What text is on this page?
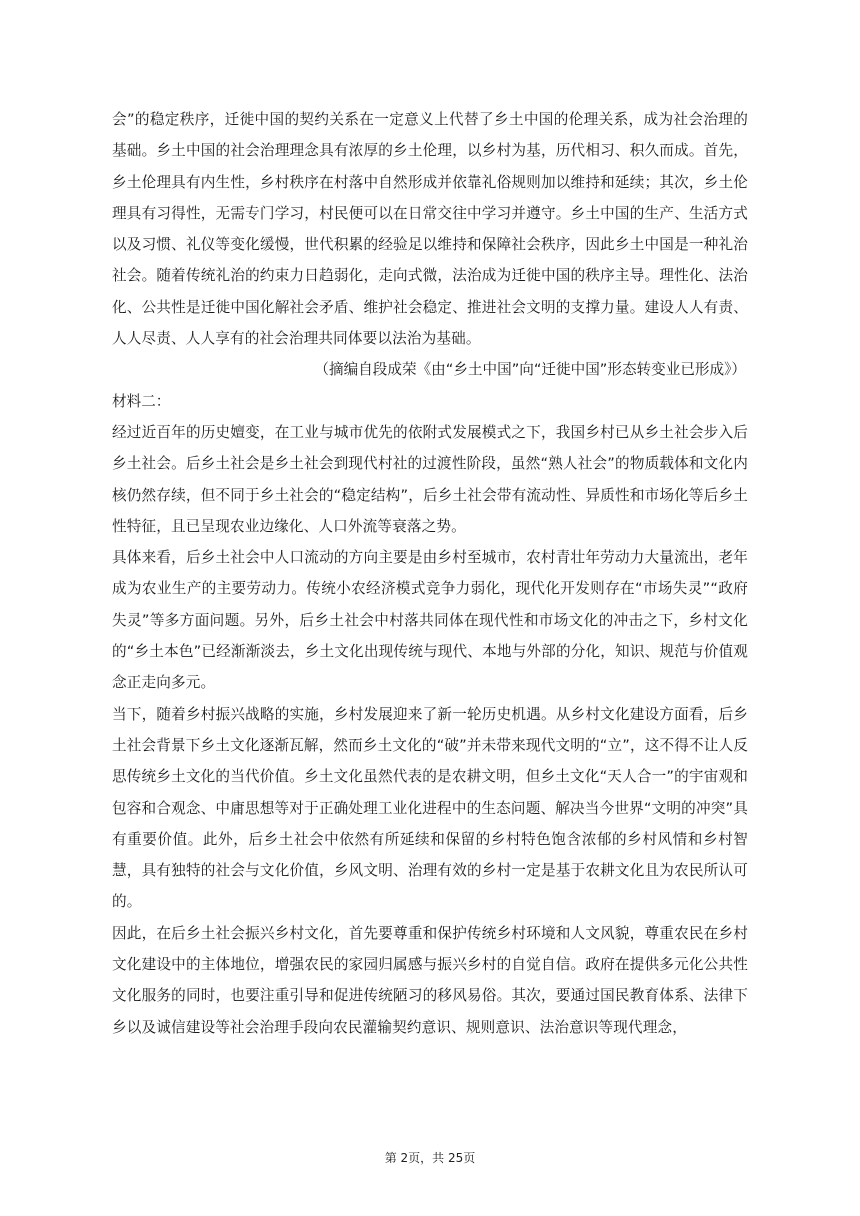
会”的稳定秩序，迁徙中国的契约关系在一定意义上代替了乡土中国的伦理关系，成为社会治理的基础。乡土中国的社会治理理念具有浓厚的乡土伦理，以乡村为基，历代相习、积久而成。首先，乡土伦理具有内生性，乡村秩序在村落中自然形成并依靠礼俗规则加以维持和延续；其次，乡土伦理具有习得性，无需专门学习，村民便可以在日常交往中学习并遵守。乡土中国的生产、生活方式以及习惯、礼仪等变化缓慢，世代积累的经验足以维持和保障社会秩序，因此乡土中国是一种礼治社会。随着传统礼治的约束力日趋弱化，走向式微，法治成为迁徙中国的秩序主导。理性化、法治化、公共性是迁徙中国化解社会矛盾、维护社会稳定、推进社会文明的支撑力量。建设人人有责、人人尽责、人人享有的社会治理共同体要以法治为基础。

（摘编自段成荣《由“乡土中国”向“迁徙中国”形态转变业已形成》）

材料二：

经过近百年的历史嬗变，在工业与城市优先的依附式发展模式之下，我国乡村已从乡土社会步入后乡土社会。后乡土社会是乡土社会到现代村社的过渡性阶段，虽然“熟人社会”的物质载体和文化内核仍然存续，但不同于乡土社会的“稳定结构”，后乡土社会带有流动性、异质性和市场化等后乡土性特征，且已呈现农业边缘化、人口外流等衰落之势。

具体来看，后乡土社会中人口流动的方向主要是由乡村至城市，农村青壮年劳动力大量流出，老年成为农业生产的主要劳动力。传统小农经济模式竞争力弱化，现代化开发则存在“市场失灵”“政府失灵”等多方面问题。另外，后乡土社会中村落共同体在现代性和市场文化的冲击之下，乡村文化的“乡土本色”已经渐渐淡去，乡土文化出现传统与现代、本地与外部的分化，知识、规范与价值观念正走向多元。

当下，随着乡村振兴战略的实施，乡村发展迎来了新一轮历史机遇。从乡村文化建设方面看，后乡土社会背景下乡土文化逐渐瓦解，然而乡土文化的“破”并未带来现代文明的“立”，这不得不让人反思传统乡土文化的当代价值。乡土文化虽然代表的是农耕文明，但乡土文化“天人合一”的宇宙观和包容和合观念、中庸思想等对于正确处理工业化进程中的生态问题、解决当今世界“文明的冲突”具有重要价值。此外，后乡土社会中依然有所延续和保留的乡村特色饱含浓郁的乡村风情和乡村智慧，具有独特的社会与文化价值，乡风文明、治理有效的乡村一定是基于农耕文化且为农民所认可的。

因此，在后乡土社会振兴乡村文化，首先要尊重和保护传统乡村环境和人文风貌，尊重农民在乡村文化建设中的主体地位，增强农民的家园归属感与振兴乡村的自觉自信。政府在提供多元化公共性文化服务的同时，也要注重引导和促进传统陋习的移风易俗。其次，要通过国民教育体系、法律下乡以及诚信建设等社会治理手段向农民灌输契约意识、规则意识、法治意识等现代理念，

第 2页，共 25页
